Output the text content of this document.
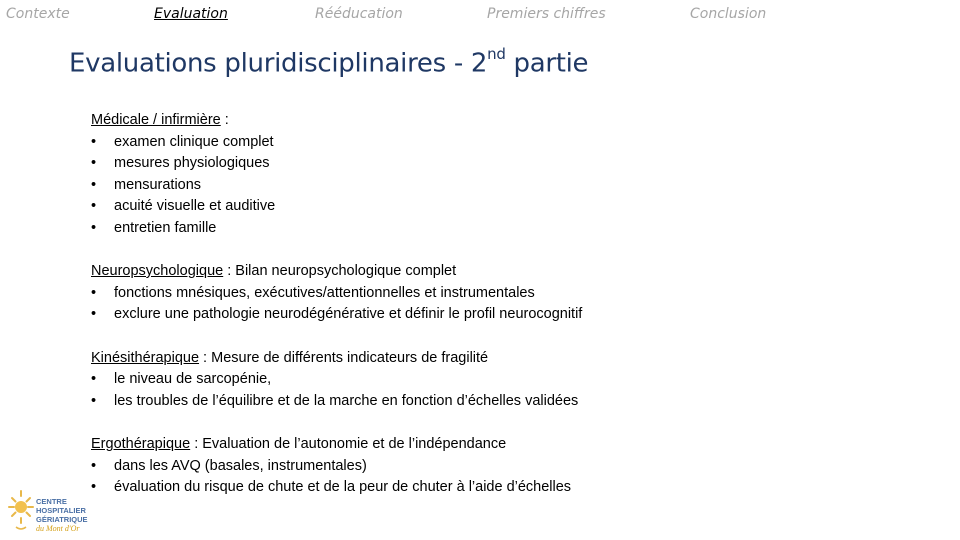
Contexte	Evaluation	Rééducation	Premiers chiffres	Conclusion
Evaluations pluridisciplinaires - 2nd partie
Médicale / infirmière :
• examen clinique complet
• mesures physiologiques
• mensurations
• acuité visuelle et auditive
• entretien famille
Neuropsychologique : Bilan neuropsychologique complet
• fonctions mnésiques, exécutives/attentionnelles et instrumentales
• exclure une pathologie neurodégénérative et définir le profil neurocognitif
Kinésithérapique : Mesure de différents indicateurs de fragilité
• le niveau de sarcopénie,
• les troubles de l’équilibre et de la marche en fonction d’échelles validées
Ergothérapique : Evaluation de l’autonomie et de l’indépendance
• dans les AVQ (basales, instrumentales)
• évaluation du risque de chute et de la peur de chuter à l’aide d’échelles
CENTRE
HOSPITALIER
GÉRIATRIQUE
du Mont d'Or
